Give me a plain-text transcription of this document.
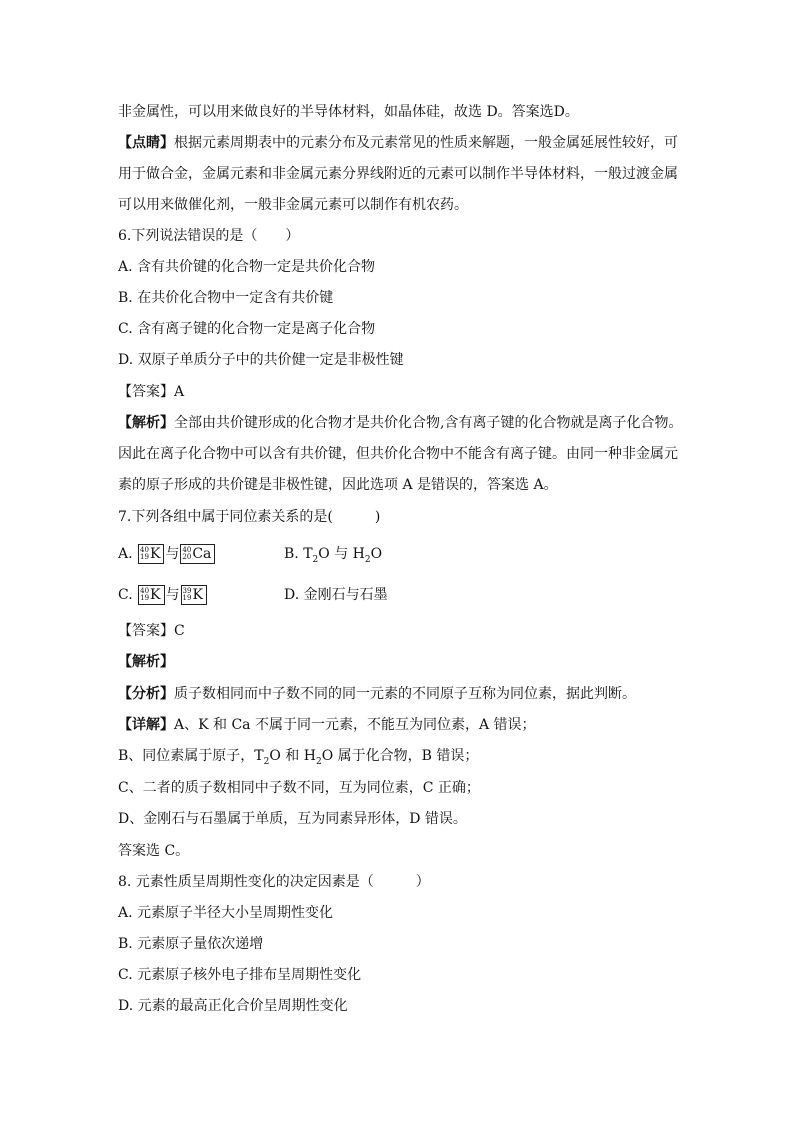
非金属性，可以用来做良好的半导体材料，如晶体硅，故选 D。答案选D。
【点睛】根据元素周期表中的元素分布及元素常见的性质来解题，一般金属延展性较好，可
用于做合金，金属元素和非金属元素分界线附近的元素可以制作半导体材料，一般过渡金属
可以用来做催化剂，一般非金属元素可以制作有机农药。
6.下列说法错误的是（　　）
A. 含有共价键的化合物一定是共价化合物
B. 在共价化合物中一定含有共价键
C. 含有离子键的化合物一定是离子化合物
D. 双原子单质分子中的共价健一定是非极性键
【答案】A
【解析】全部由共价键形成的化合物才是共价化合物,含有离子键的化合物就是离子化合物。
因此在离子化合物中可以含有共价键，但共价化合物中不能含有离子键。由同一种非金属元
素的原子形成的共价键是非极性键，因此选项 A 是错误的，答案选 A。
7.下列各组中属于同位素关系的是(　　　)
A. 40
19 K 与 40
20 Ca	B. $T_2O$ 与 $H_2O$
C. 40
19 K 与 39
19 K	D. 金刚石与石墨
【答案】C
【解析】
【分析】质子数相同而中子数不同的同一元素的不同原子互称为同位素，据此判断。
【详解】A、K 和 Ca 不属于同一元素，不能互为同位素，A 错误；
B、同位素属于原子，$T_2O$ 和 $H_2O$ 属于化合物，B 错误；
C、二者的质子数相同中子数不同，互为同位素，C 正确；
D、金刚石与石墨属于单质，互为同素异形体，D 错误。
答案选 C。
8. 元素性质呈周期性变化的决定因素是（　　　）
A. 元素原子半径大小呈周期性变化
B. 元素原子量依次递增
C. 元素原子核外电子排布呈周期性变化
D. 元素的最高正化合价呈周期性变化
